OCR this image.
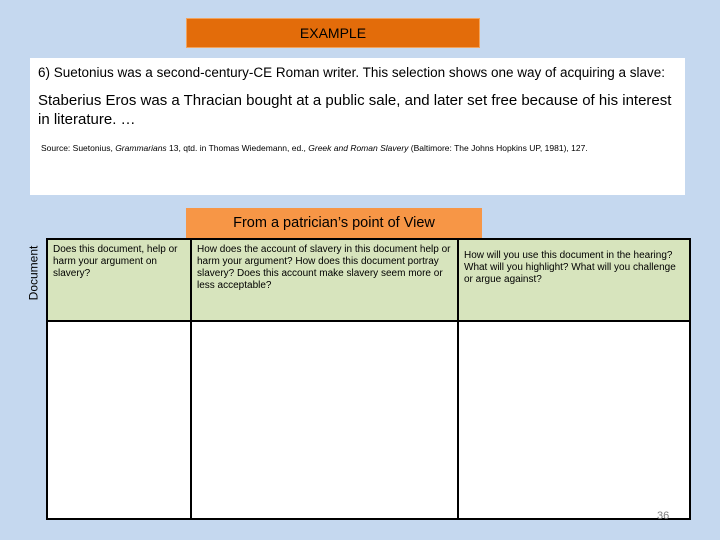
EXAMPLE

6) Suetonius was a second-century-CE Roman writer. This selection shows one way of acquiring a slave:

Staberius Eros was a Thracian bought at a public sale, and later set free because of his interest in literature. …

Source: Suetonius, Grammarians 13, qtd. in Thomas Wiedemann, ed., Greek and Roman Slavery (Baltimore: The Johns Hopkins UP, 1981), 127.

From a patrician’s point of View
Document	Does this document, help or harm your argument on slavery?
How does the account of slavery in this document help or harm your argument? How does this document portray slavery? Does this account make slavery seem more or less acceptable?
How will you use this document in the hearing? What will you highlight? What will you challenge or argue against?
36
